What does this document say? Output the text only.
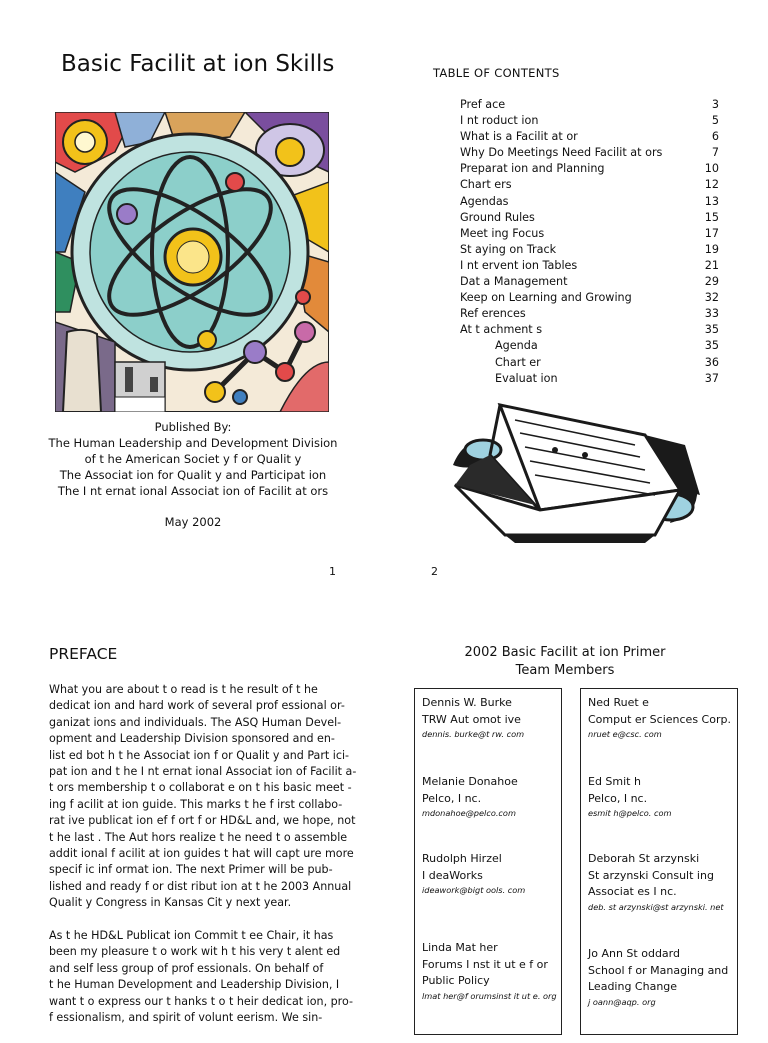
Basic Facilit at ion Skills
Published By:
The Human Leadership and Development Division
of t he American Societ y f or Qualit y
The Associat ion for Qualit y and Participat ion
The I nt ernat ional Associat ion of Facilit at ors
May 2002
1
TABLE OF CONTENTS
Pref ace	3
I nt roduct ion	5
What is a Facilit at or	6
Why Do Meetings Need Facilit at ors	7
Preparat ion and Planning	10
Chart ers	12
Agendas	13
Ground Rules	15
Meet ing Focus	17
St aying on Track	19
I nt ervent ion Tables	21
Dat a Management	29
Keep on Learning and Growing	32
Ref erences	33
At t achment s	35
Agenda	35
Chart er	36
Evaluat ion	37
2
PREFACE

What you are about t o read is t he result of t he
dedicat ion and hard work of several prof essional or-
ganizat ions and individuals. The ASQ Human Devel-
opment and Leadership Division sponsored and en-
list ed bot h t he Associat ion f or Qualit y and Part ici-
pat ion and t he I nt ernat ional Associat ion of Facilit a-
t ors membership t o collaborat e on t his basic meet -
ing f acilit at ion guide. This marks t he f irst collabo-
rat ive publicat ion ef f ort f or HD&L and, we hope, not
t he last . The Aut hors realize t he need t o assemble
addit ional f acilit at ion guides t hat will capt ure more
specif ic inf ormat ion. The next Primer will be pub-
lished and ready f or dist ribut ion at t he 2003 Annual
Qualit y Congress in Kansas Cit y next year.

As t he HD&L Publicat ion Commit t ee Chair, it has
been my pleasure t o work wit h t his very t alent ed
and self less group of prof essionals. On behalf of
t he Human Development and Leadership Division, I
want t o express our t hanks t o t heir dedicat ion, pro-
f essionalism, and spirit of volunt eerism. We sin-

2002 Basic Facilit at ion Primer
Team Members
Dennis W. Burke
TRW Aut omot ive
dennis. burke@t rw. com
Melanie Donahoe
Pelco, I nc.
mdonahoe@pelco.com
Rudolph Hirzel
I deaWorks
ideawork@bigt ools. com
Linda Mat her
Forums I nst it ut e f or
Public Policy
lmat her@f orumsinst it ut e. org
Ned Ruet e
Comput er Sciences Corp.
nruet e@csc. com
Ed Smit h
Pelco, I nc.
esmit h@pelco. com
Deborah St arzynski
St arzynski Consult ing
Associat es I nc.
deb. st arzynski@st arzynski. net
Jo Ann St oddard
School f or Managing and
Leading Change
j oann@aqp. org
